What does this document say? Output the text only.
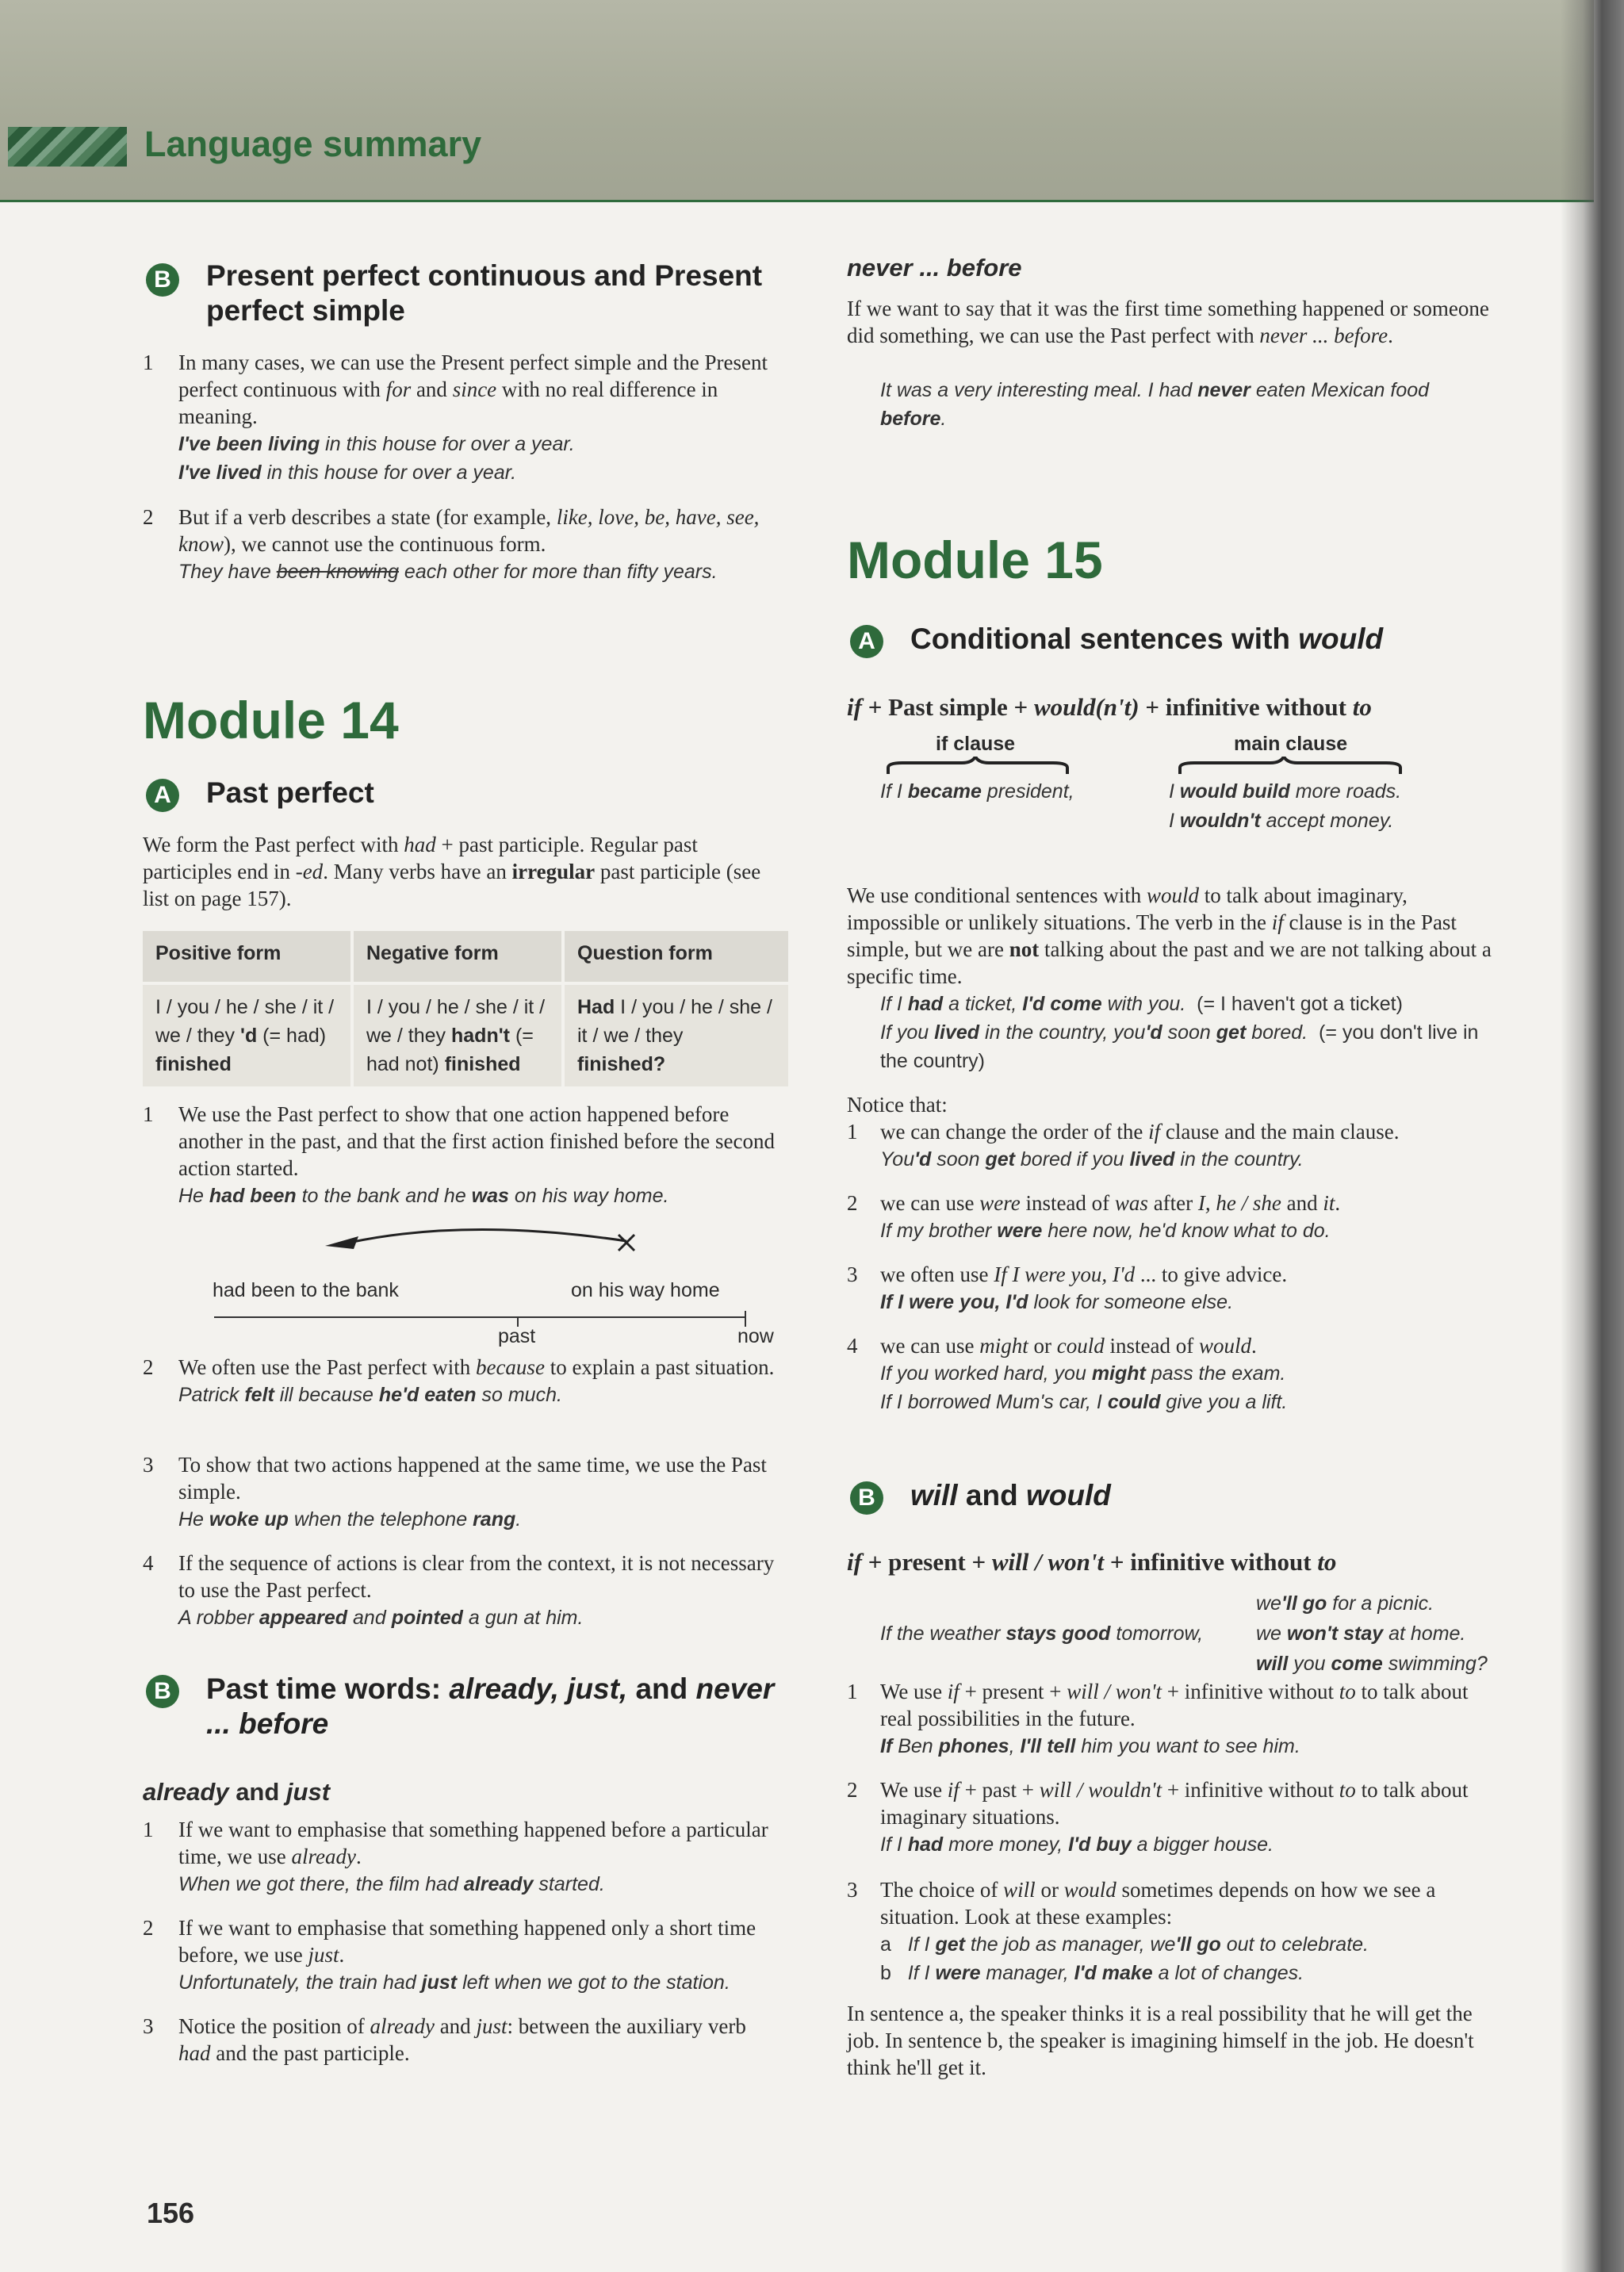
Language summary
B Present perfect continuous and Present perfect simple
1 In many cases, we can use the Present perfect simple and the Present perfect continuous with for and since with no real difference in meaning.
I've been living in this house for over a year.
I've lived in this house for over a year.
2 But if a verb describes a state (for example, like, love, be, have, see, know), we cannot use the continuous form.
They have been knowing each other for more than fifty years.
Module 14
A Past perfect
We form the Past perfect with had + past participle. Regular past participles end in -ed. Many verbs have an irregular past participle (see list on page 157).
Positive form	Negative form	Question form
I / you / he / she / it / we / they 'd (= had) finished	I / you / he / she / it / we / they hadn't (= had not) finished	Had I / you / he / she / it / we / they finished?
1 We use the Past perfect to show that one action happened before another in the past, and that the first action finished before the second action started.
He had been to the bank and he was on his way home.
had been to the bank	on his way home
past	now
2 We often use the Past perfect with because to explain a past situation.
Patrick felt ill because he'd eaten so much.
3 To show that two actions happened at the same time, we use the Past simple.
He woke up when the telephone rang.
4 If the sequence of actions is clear from the context, it is not necessary to use the Past perfect.
A robber appeared and pointed a gun at him.
B Past time words: already, just, and never ... before
already and just
1 If we want to emphasise that something happened before a particular time, we use already.
When we got there, the film had already started.
2 If we want to emphasise that something happened only a short time before, we use just.
Unfortunately, the train had just left when we got to the station.
3 Notice the position of already and just: between the auxiliary verb had and the past participle.
never ... before
If we want to say that it was the first time something happened or someone did something, we can use the Past perfect with never ... before.
It was a very interesting meal. I had never eaten Mexican food before.
Module 15
A Conditional sentences with would
if + Past simple + would(n't) + infinitive without to
if clause	main clause
If I became president,	I would build more roads.
I wouldn't accept money.
We use conditional sentences with would to talk about imaginary, impossible or unlikely situations. The verb in the if clause is in the Past simple, but we are not talking about the past and we are not talking about a specific time.
If I had a ticket, I'd come with you. (= I haven't got a ticket)
If you lived in the country, you'd soon get bored. (= you don't live in the country)
Notice that:
1 we can change the order of the if clause and the main clause.
You'd soon get bored if you lived in the country.
2 we can use were instead of was after I, he / she and it.
If my brother were here now, he'd know what to do.
3 we often use If I were you, I'd ... to give advice.
If I were you, I'd look for someone else.
4 we can use might or could instead of would.
If you worked hard, you might pass the exam.
If I borrowed Mum's car, I could give you a lift.
B will and would
if + present + will / won't + infinitive without to
If the weather stays good tomorrow,
we'll go for a picnic.
we won't stay at home.
will you come swimming?
1 We use if + present + will / won't + infinitive without to to talk about real possibilities in the future.
If Ben phones, I'll tell him you want to see him.
2 We use if + past + will / wouldn't + infinitive without to to talk about imaginary situations.
If I had more money, I'd buy a bigger house.
3 The choice of will or would sometimes depends on how we see a situation. Look at these examples:
a If I get the job as manager, we'll go out to celebrate.
b If I were manager, I'd make a lot of changes.
In sentence a, the speaker thinks it is a real possibility that he will get the job. In sentence b, the speaker is imagining himself in the job. He doesn't think he'll get it.
156
